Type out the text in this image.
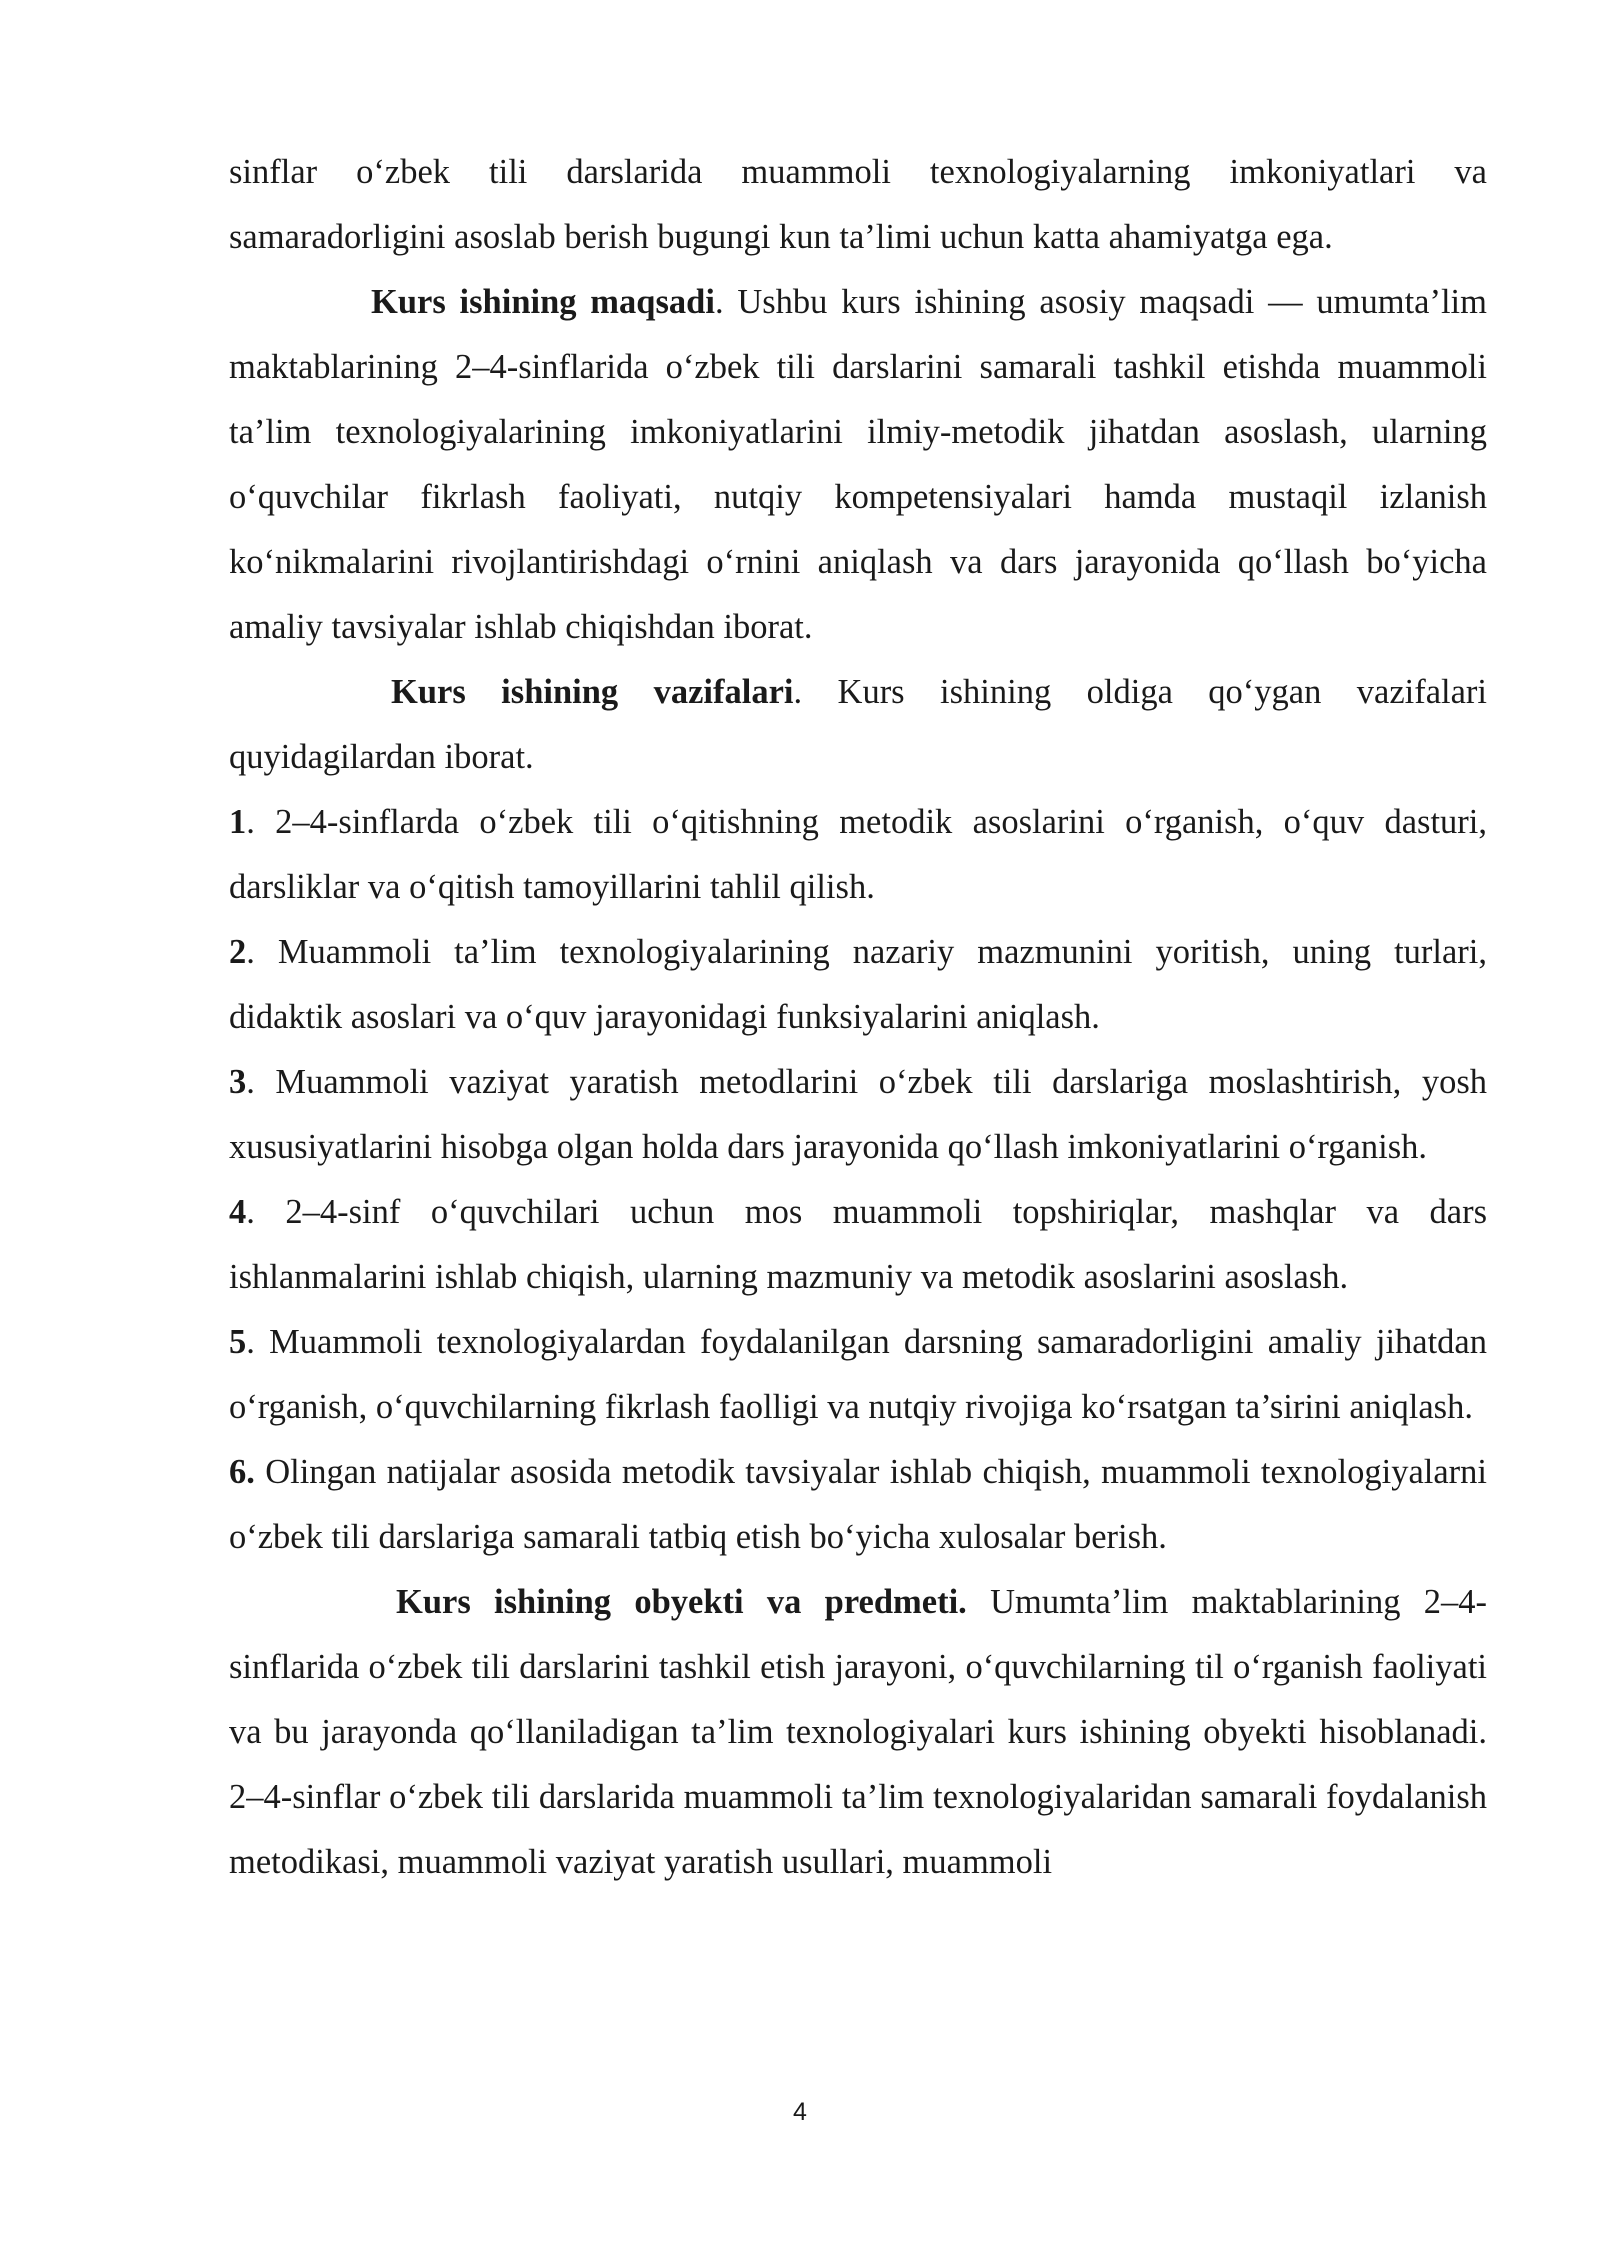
sinflar o‘zbek tili darslarida muammoli texnologiyalarning imkoniyatlari va samaradorligini asoslab berish bugungi kun ta’limi uchun katta ahamiyatga ega.

Kurs ishining maqsadi. Ushbu kurs ishining asosiy maqsadi — umumta’lim maktablarining 2–4-sinflarida o‘zbek tili darslarini samarali tashkil etishda muammoli ta’lim texnologiyalarining imkoniyatlarini ilmiy-metodik jihatdan asoslash, ularning o‘quvchilar fikrlash faoliyati, nutqiy kompetensiyalari hamda mustaqil izlanish ko‘nikmalarini rivojlantirishdagi o‘rnini aniqlash va dars jarayonida qo‘llash bo‘yicha amaliy tavsiyalar ishlab chiqishdan iborat.

Kurs ishining vazifalari. Kurs ishining oldiga qo‘ygan vazifalari quyidagilardan iborat.

1. 2–4-sinflarda o‘zbek tili o‘qitishning metodik asoslarini o‘rganish, o‘quv dasturi, darsliklar va o‘qitish tamoyillarini tahlil qilish.

2. Muammoli ta’lim texnologiyalarining nazariy mazmunini yoritish, uning turlari, didaktik asoslari va o‘quv jarayonidagi funksiyalarini aniqlash.

3. Muammoli vaziyat yaratish metodlarini o‘zbek tili darslariga moslashtirish, yosh xususiyatlarini hisobga olgan holda dars jarayonida qo‘llash imkoniyatlarini o‘rganish.

4. 2–4-sinf o‘quvchilari uchun mos muammoli topshiriqlar, mashqlar va dars ishlanmalarini ishlab chiqish, ularning mazmuniy va metodik asoslarini asoslash.

5. Muammoli texnologiyalardan foydalanilgan darsning samaradorligini amaliy jihatdan o‘rganish, o‘quvchilarning fikrlash faolligi va nutqiy rivojiga ko‘rsatgan ta’sirini aniqlash.

6. Olingan natijalar asosida metodik tavsiyalar ishlab chiqish, muammoli texnologiyalarni o‘zbek tili darslariga samarali tatbiq etish bo‘yicha xulosalar berish.

Kurs ishining obyekti va predmeti. Umumta’lim maktablarining 2–4-sinflarida o‘zbek tili darslarini tashkil etish jarayoni, o‘quvchilarning til o‘rganish faoliyati va bu jarayonda qo‘llaniladigan ta’lim texnologiyalari kurs ishining obyekti hisoblanadi. 2–4-sinflar o‘zbek tili darslarida muammoli ta’lim texnologiyalaridan samarali foydalanish metodikasi, muammoli vaziyat yaratish usullari, muammoli

4
